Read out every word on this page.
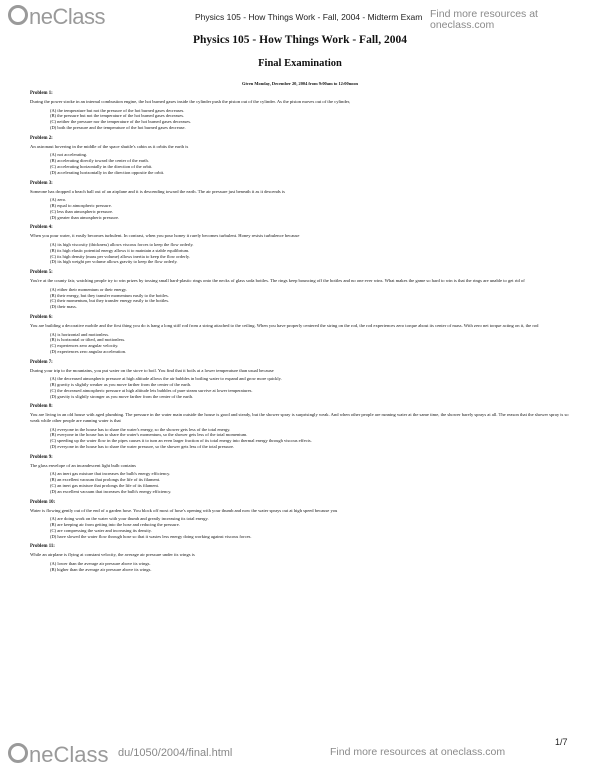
neClass	Physics 105 - How Things Work - Fall, 2004 - Midterm Exam Find more resources at oneclass.com
Physics 105 - How Things Work - Fall, 2004
Final Examination

Given Monday, December 20, 2004 from 9:00am to 12:00noon

Problem 1:
During the power stroke in an internal combustion engine, the hot burned gases inside the cylinder push the piston out of the cylinder. As the piston moves out of the cylinder,
(A) the temperature but not the pressure of the hot burned gases decreases.
(B) the pressure but not the temperature of the hot burned gases decreases.
(C) neither the pressure nor the temperature of the hot burned gases decreases.
(D) both the pressure and the temperature of the hot burned gases decrease.
Problem 2:
An astronaut hovering in the middle of the space shuttle's cabin as it orbits the earth is
(A) not accelerating.
(B) accelerating directly toward the center of the earth.
(C) accelerating horizontally in the direction of the orbit.
(D) accelerating horizontally in the direction opposite the orbit.
Problem 3:
Someone has dropped a beach ball out of an airplane and it is descending toward the earth. The air pressure just beneath it as it descends is
(A) zero.
(B) equal to atmospheric pressure.
(C) less than atmospheric pressure.
(D) greater than atmospheric pressure.
Problem 4:
When you pour water, it easily becomes turbulent. In contrast, when you pour honey it rarely becomes turbulent. Honey resists turbulence because
(A) its high viscosity (thickness) allows viscous forces to keep the flow orderly.
(B) its high elastic potential energy allows it to maintain a stable equilibrium.
(C) its high density (mass per volume) allows inertia to keep the flow orderly.
(D) its high weight per volume allows gravity to keep the flow orderly.
Problem 5:
You're at the county fair, watching people try to win prizes by tossing small hard-plastic rings onto the necks of glass soda bottles. The rings keep bouncing off the bottles and no one ever wins. What makes the game so hard to win is that the rings are unable to get rid of
(A) either their momentum or their energy.
(B) their energy, but they transfer momentum easily to the bottles.
(C) their momentum, but they transfer energy easily to the bottles.
(D) their mass.
Problem 6:
You are building a decorative mobile and the first thing you do is hang a long stiff rod from a string attached to the ceiling. When you have properly centered the string on the rod, the rod experiences zero torque about its center of mass. With zero net torque acting on it, the rod
(A) is horizontal and motionless.
(B) is horizontal or tilted, and motionless.
(C) experiences zero angular velocity.
(D) experiences zero angular acceleration.
Problem 7:
During your trip to the mountains, you put water on the stove to boil. You find that it boils at a lower temperature than usual because
(A) the decreased atmospheric pressure at high altitude allows the air bubbles in boiling water to expand and grow more quickly.
(B) gravity is slightly weaker as you move farther from the center of the earth.
(C) the decreased atmospheric pressure at high altitude lets bubbles of pure steam survive at lower temperatures.
(D) gravity is slightly stronger as you move farther from the center of the earth.
Problem 8:
You are living in an old house with aged plumbing. The pressure in the water main outside the house is good and steady, but the shower spray is surprisingly weak. And when other people are running water at the same time, the shower barely sprays at all. The reason that the shower spray is so weak while other people are running water is that
(A) everyone in the house has to share the water's energy, so the shower gets less of the total energy.
(B) everyone in the house has to share the water's momentum, so the shower gets less of the total momentum.
(C) speeding up the water flow in the pipes causes it to turn an even larger fraction of its total energy into thermal energy through viscous effects.
(D) everyone in the house has to share the water pressure, so the shower gets less of the total pressure.
Problem 9:
The glass envelope of an incandescent light bulb contains
(A) an inert gas mixture that increases the bulb's energy efficiency.
(B) an excellent vacuum that prolongs the life of its filament.
(C) an inert gas mixture that prolongs the life of its filament.
(D) an excellent vacuum that increases the bulb's energy efficiency.
Problem 10:
Water is flowing gently out of the end of a garden hose. You block off most of hose's opening with your thumb and now the water sprays out at high speed because you
(A) are doing work on the water with your thumb and greatly increasing its total energy.
(B) are keeping air from getting into the hose and reducing the pressure.
(C) are compressing the water and increasing its density.
(D) have slowed the water flow through hose so that it wastes less energy doing working against viscous forces.
Problem 11:
While an airplane is flying at constant velocity, the average air pressure under its wings is
(A) lower than the average air pressure above its wings.
(B) higher than the average air pressure above its wings.
neClass du/1050/2004/final.html	Find more resources at oneclass.com
1/7
